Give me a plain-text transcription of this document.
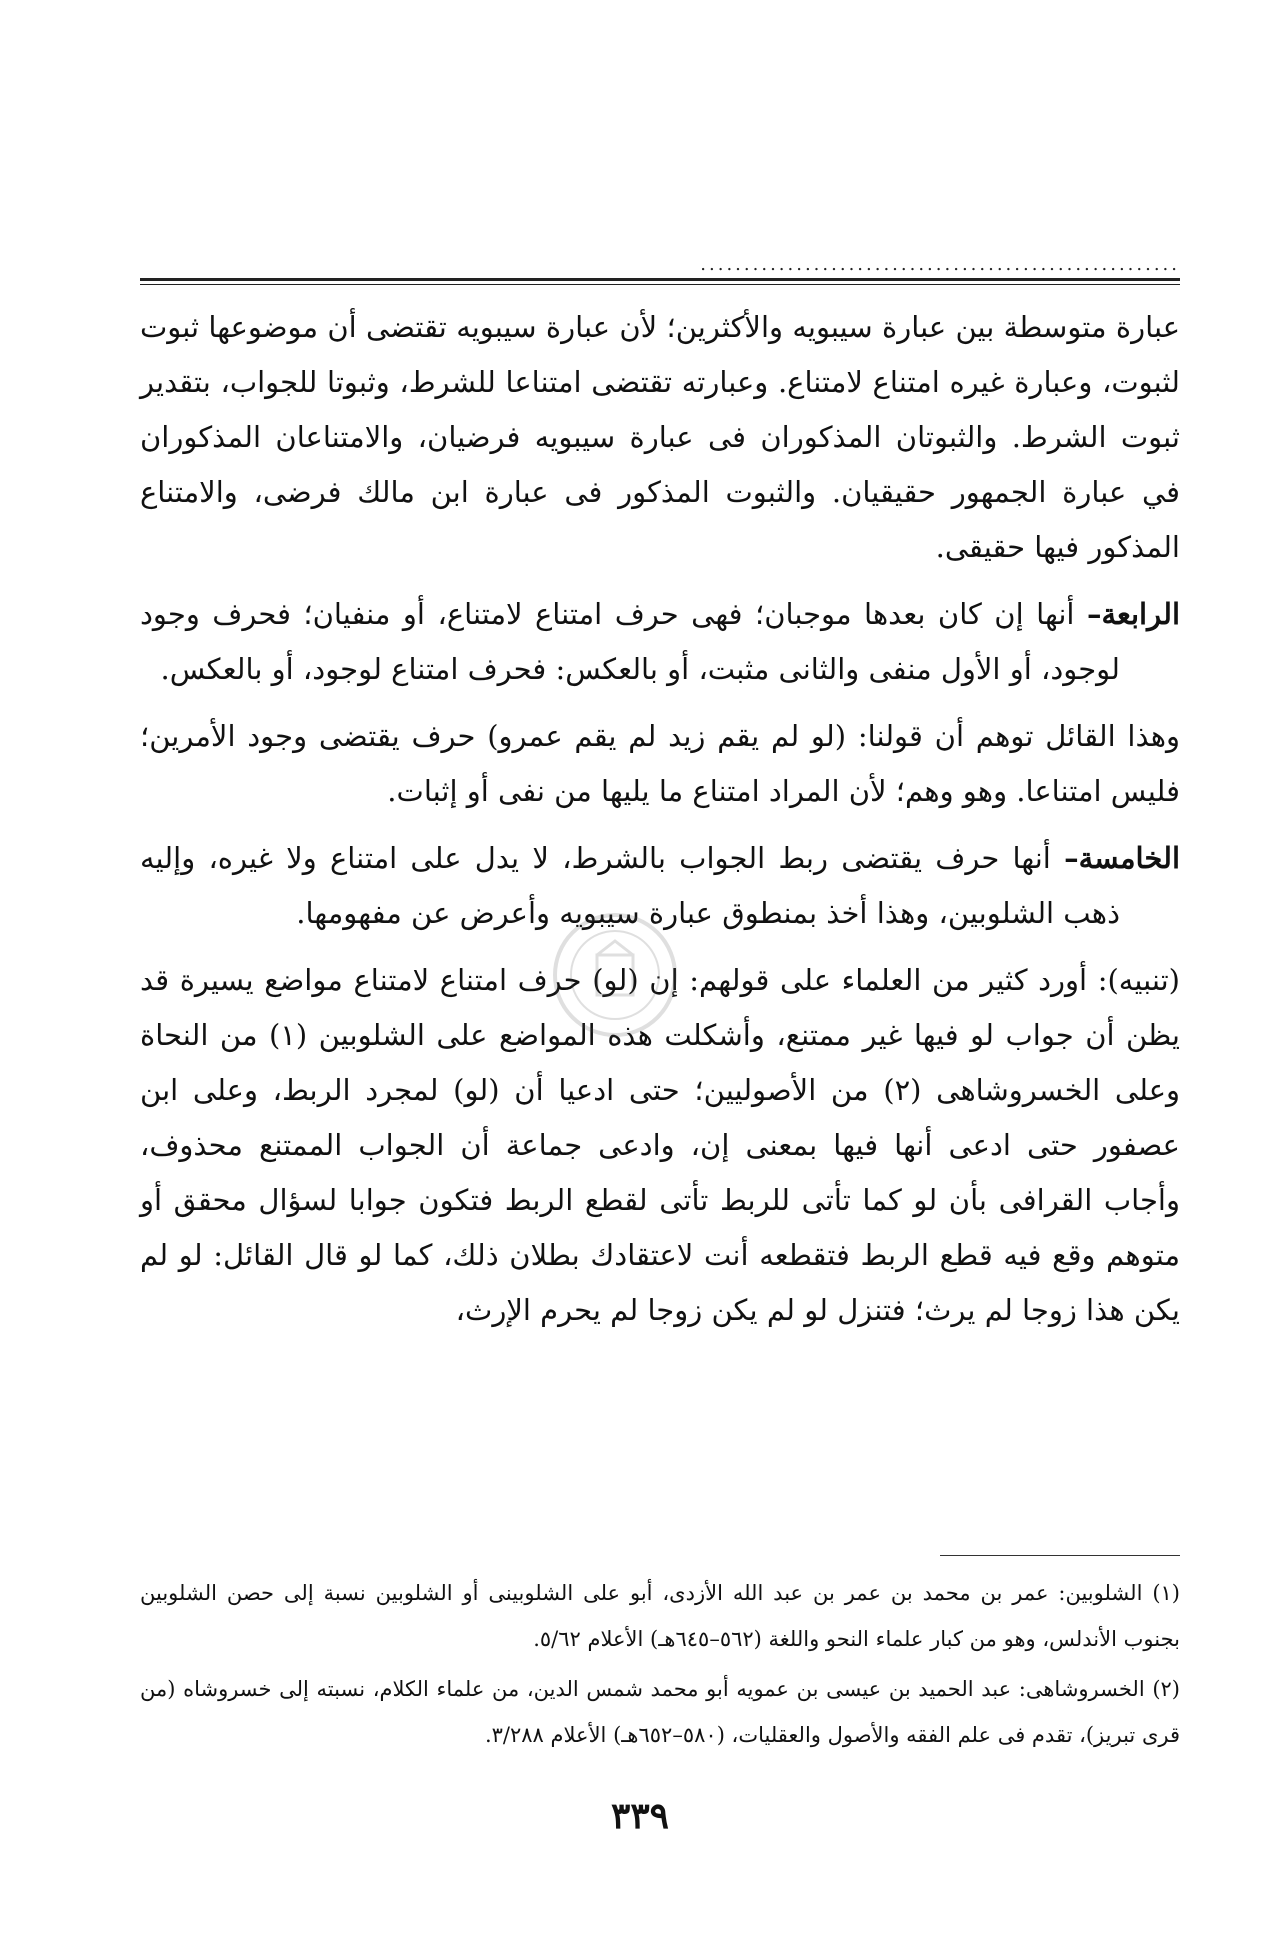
.......................................................

عبارة متوسطة بين عبارة سيبويه والأكثرين؛ لأن عبارة سيبويه تقتضى أن موضوعها ثبوت لثبوت، وعبارة غيره امتناع لامتناع. وعبارته تقتضى امتناعا للشرط، وثبوتا للجواب، بتقدير ثبوت الشرط. والثبوتان المذكوران فى عبارة سيبويه فرضيان، والامتناعان المذكوران في عبارة الجمهور حقيقيان. والثبوت المذكور فى عبارة ابن مالك فرضى، والامتناع المذكور فيها حقيقى.

الرابعة– أنها إن كان بعدها موجبان؛ فهى حرف امتناع لامتناع، أو منفيان؛ فحرف وجود لوجود، أو الأول منفى والثانى مثبت، أو بالعكس: فحرف امتناع لوجود، أو بالعكس.

وهذا القائل توهم أن قولنا: (لو لم يقم زيد لم يقم عمرو) حرف يقتضى وجود الأمرين؛ فليس امتناعا. وهو وهم؛ لأن المراد امتناع ما يليها من نفى أو إثبات.

الخامسة– أنها حرف يقتضى ربط الجواب بالشرط، لا يدل على امتناع ولا غيره، وإليه ذهب الشلوبين، وهذا أخذ بمنطوق عبارة سيبويه وأعرض عن مفهومها.

(تنبيه): أورد كثير من العلماء على قولهم: إن (لو) حرف امتناع لامتناع مواضع يسيرة قد يظن أن جواب لو فيها غير ممتنع، وأشكلت هذه المواضع على الشلوبين (١) من النحاة وعلى الخسروشاهى (٢) من الأصوليين؛ حتى ادعيا أن (لو) لمجرد الربط، وعلى ابن عصفور حتى ادعى أنها فيها بمعنى إن، وادعى جماعة أن الجواب الممتنع محذوف، وأجاب القرافى بأن لو كما تأتى للربط تأتى لقطع الربط فتكون جوابا لسؤال محقق أو متوهم وقع فيه قطع الربط فتقطعه أنت لاعتقادك بطلان ذلك، كما لو قال القائل: لو لم يكن هذا زوجا لم يرث؛ فتنزل لو لم يكن زوجا لم يحرم الإرث،

(١) الشلوبين: عمر بن محمد بن عمر بن عبد الله الأزدى، أبو على الشلوبينى أو الشلوبين نسبة إلى حصن الشلوبين بجنوب الأندلس، وهو من كبار علماء النحو واللغة (٥٦٢–٦٤٥هـ) الأعلام ٥/٦٢.

(٢) الخسروشاهى: عبد الحميد بن عيسى بن عمويه أبو محمد شمس الدين، من علماء الكلام، نسبته إلى خسروشاه (من قرى تبريز)، تقدم فى علم الفقه والأصول والعقليات، (٥٨٠–٦٥٢هـ) الأعلام ٣/٢٨٨.

٣٣٩
